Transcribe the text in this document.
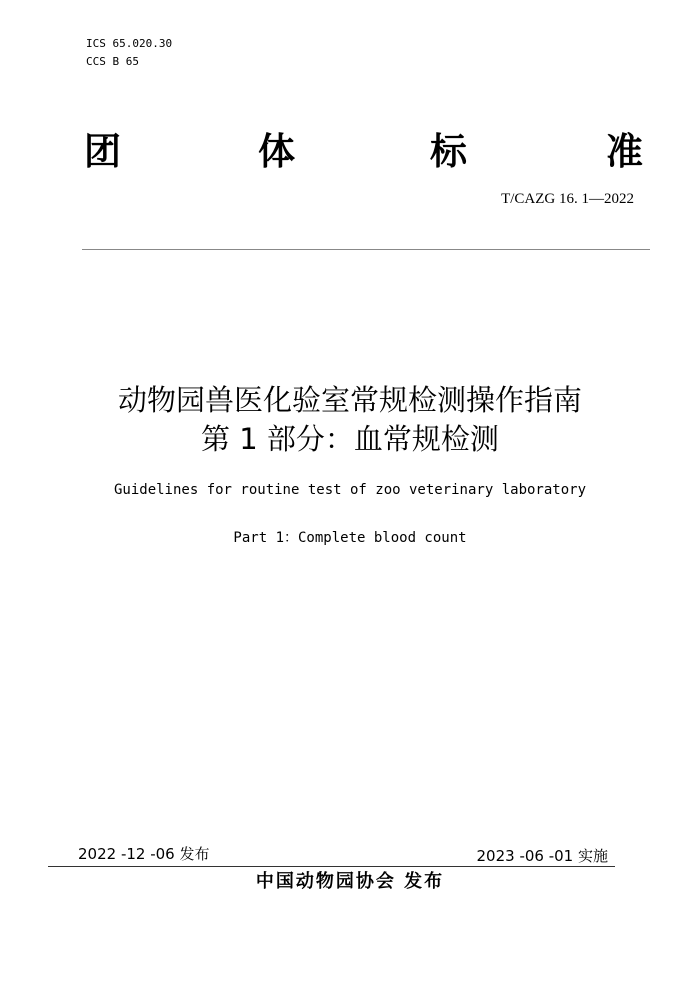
ICS 65.020.30
CCS B 65
团	体	标	准
T/CAZG 16. 1—2022
动物园兽医化验室常规检测操作指南
第 1 部分：血常规检测
Guidelines for routine test of zoo veterinary laboratory
Part 1：Complete blood count
2022 -12 -06 发布	2023 -06 -01 实施
中国动物园协会 发布
